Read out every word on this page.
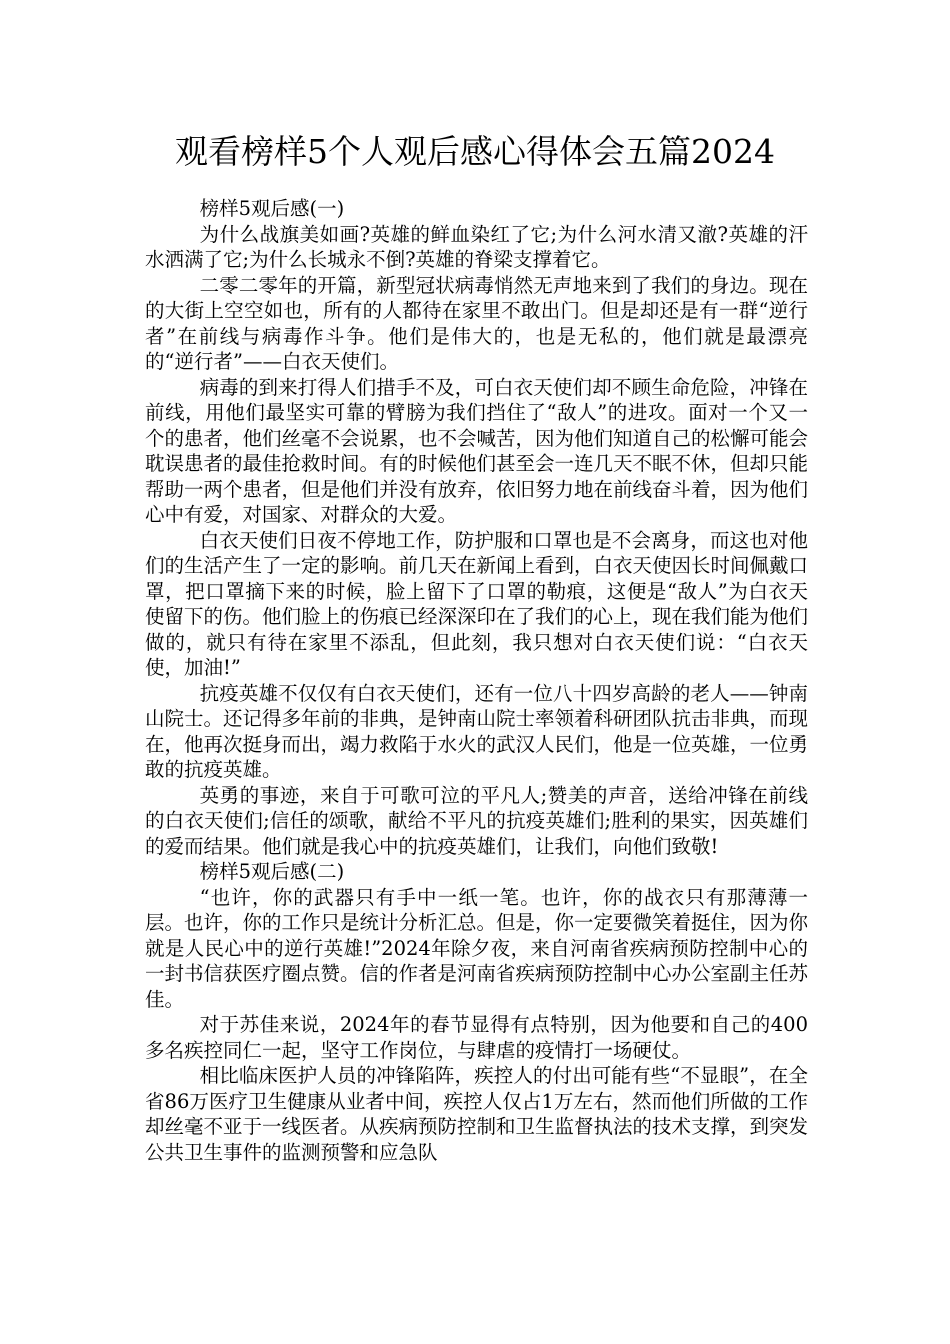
观看榜样5个人观后感心得体会五篇2024

榜样5观后感(一)

为什么战旗美如画?英雄的鲜血染红了它;为什么河水清又澈?英雄的汗水洒满了它;为什么长城永不倒?英雄的脊梁支撑着它。

二零二零年的开篇，新型冠状病毒悄然无声地来到了我们的身边。现在的大街上空空如也，所有的人都待在家里不敢出门。但是却还是有一群“逆行者”在前线与病毒作斗争。他们是伟大的，也是无私的，他们就是最漂亮的“逆行者”——白衣天使们。

病毒的到来打得人们措手不及，可白衣天使们却不顾生命危险，冲锋在前线，用他们最坚实可靠的臂膀为我们挡住了“敌人”的进攻。面对一个又一个的患者，他们丝毫不会说累，也不会喊苦，因为他们知道自己的松懈可能会耽误患者的最佳抢救时间。有的时候他们甚至会一连几天不眠不休，但却只能帮助一两个患者，但是他们并没有放弃，依旧努力地在前线奋斗着，因为他们心中有爱，对国家、对群众的大爱。

白衣天使们日夜不停地工作，防护服和口罩也是不会离身，而这也对他们的生活产生了一定的影响。前几天在新闻上看到，白衣天使因长时间佩戴口罩，把口罩摘下来的时候，脸上留下了口罩的勒痕，这便是“敌人”为白衣天使留下的伤。他们脸上的伤痕已经深深印在了我们的心上，现在我们能为他们做的，就只有待在家里不添乱，但此刻，我只想对白衣天使们说：“白衣天使，加油!”

抗疫英雄不仅仅有白衣天使们，还有一位八十四岁高龄的老人——钟南山院士。还记得多年前的非典，是钟南山院士率领着科研团队抗击非典，而现在，他再次挺身而出，竭力救陷于水火的武汉人民们，他是一位英雄，一位勇敢的抗疫英雄。

英勇的事迹，来自于可歌可泣的平凡人;赞美的声音，送给冲锋在前线的白衣天使们;信任的颂歌，献给不平凡的抗疫英雄们;胜利的果实，因英雄们的爱而结果。他们就是我心中的抗疫英雄们，让我们，向他们致敬!

榜样5观后感(二)

“也许，你的武器只有手中一纸一笔。也许，你的战衣只有那薄薄一层。也许，你的工作只是统计分析汇总。但是，你一定要微笑着挺住，因为你就是人民心中的逆行英雄!”2024年除夕夜，来自河南省疾病预防控制中心的一封书信获医疗圈点赞。信的作者是河南省疾病预防控制中心办公室副主任苏佳。

对于苏佳来说，2024年的春节显得有点特别，因为他要和自己的400多名疾控同仁一起，坚守工作岗位，与肆虐的疫情打一场硬仗。

相比临床医护人员的冲锋陷阵，疾控人的付出可能有些“不显眼”，在全省86万医疗卫生健康从业者中间，疾控人仅占1万左右，然而他们所做的工作却丝毫不亚于一线医者。从疾病预防控制和卫生监督执法的技术支撑，到突发公共卫生事件的监测预警和应急队
